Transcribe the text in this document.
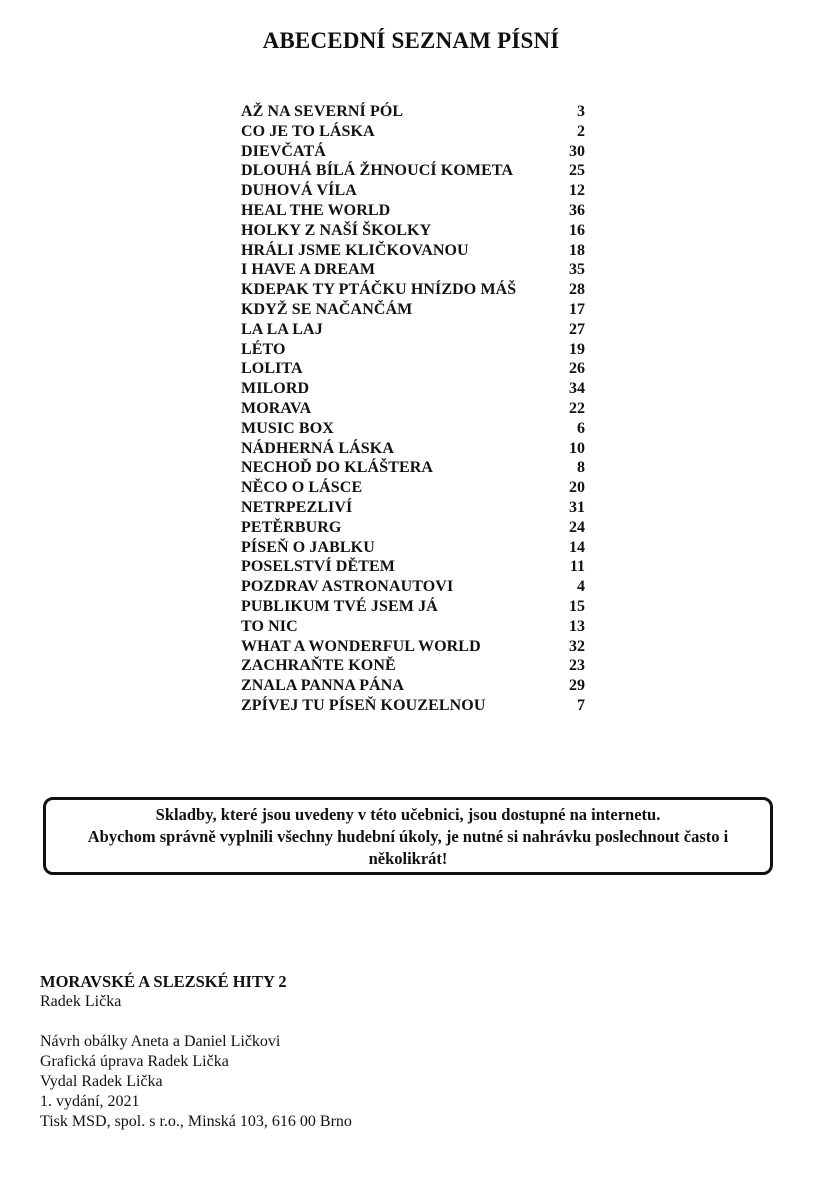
ABECEDNÍ SEZNAM PÍSNÍ
AŽ NA SEVERNÍ PÓL	3
CO JE TO LÁSKA	2
DIEVČATÁ	30
DLOUHÁ BÍLÁ ŽHNOUCÍ KOMETA	25
DUHOVÁ VÍLA	12
HEAL THE WORLD	36
HOLKY Z NAŠÍ ŠKOLKY	16
HRÁLI JSME KLIČKOVANOU	18
I HAVE A DREAM	35
KDEPAK TY PTÁČKU HNÍZDO MÁŠ	28
KDYŽ SE NAČANČÁM	17
LA LA LAJ	27
LÉTO	19
LOLITA	26
MILORD	34
MORAVA	22
MUSIC BOX	6
NÁDHERNÁ LÁSKA	10
NECHOĎ DO KLÁŠTERA	8
NĚCO O LÁSCE	20
NETRPEZLIVÍ	31
PETĚRBURG	24
PÍSEŇ O JABLKU	14
POSELSTVÍ DĚTEM	11
POZDRAV ASTRONAUTOVI	4
PUBLIKUM TVÉ JSEM JÁ	15
TO NIC	13
WHAT A WONDERFUL WORLD	32
ZACHRAŇTE KONĚ	23
ZNALA PANNA PÁNA	29
ZPÍVEJ TU PÍSEŇ KOUZELNOU	7

Skladby, které jsou uvedeny v této učebnici, jsou dostupné na internetu.

Abychom správně vyplnili všechny hudební úkoly, je nutné si nahrávku poslechnout často i několikrát!

MORAVSKÉ A SLEZSKÉ HITY 2
Radek Lička
Návrh obálky Aneta a Daniel Ličkovi
Grafická úprava Radek Lička
Vydal Radek Lička
1. vydání, 2021
Tisk MSD, spol. s r.o., Minská 103, 616 00 Brno
